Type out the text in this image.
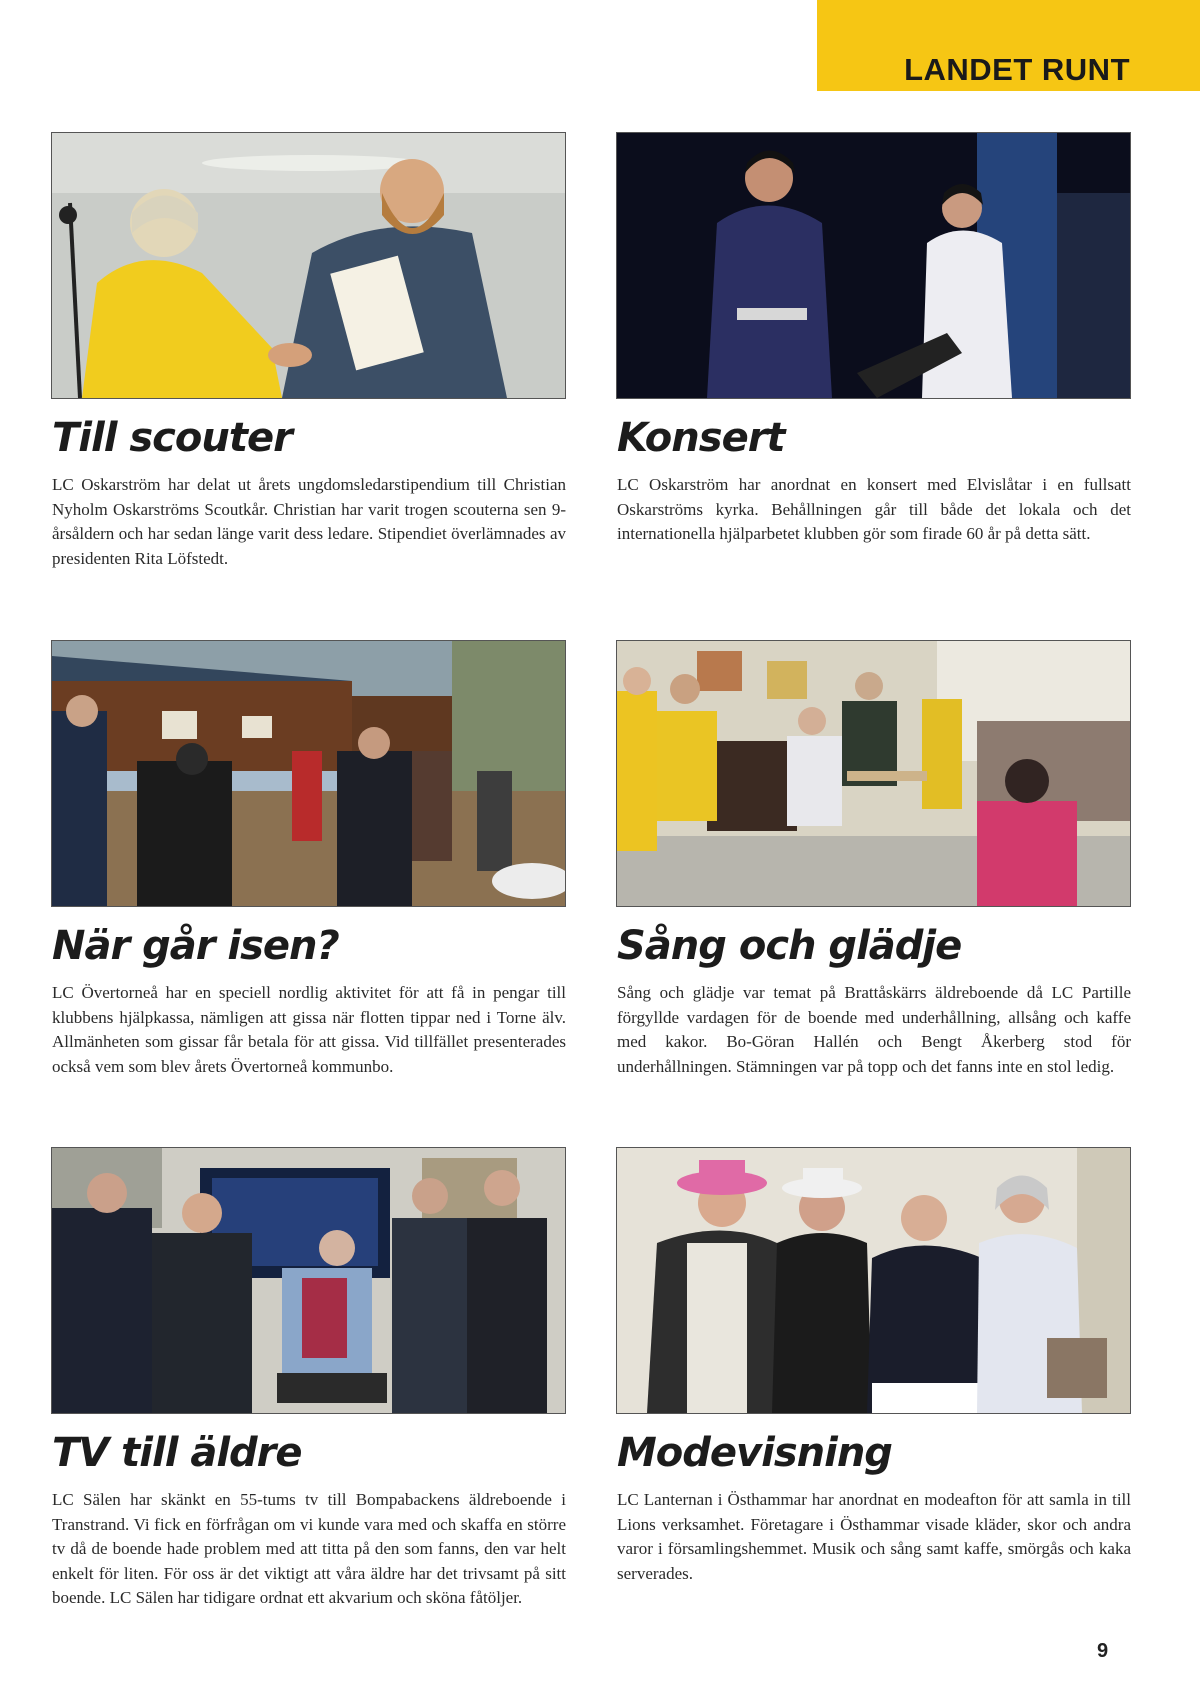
LANDET RUNT
Till scouter
LC Oskarström har delat ut årets ungdomsledarstipendium till Christian Nyholm Oskarströms Scoutkår. Christian har varit trogen scouterna sen 9-årsåldern och har sedan länge varit dess ledare. Stipendiet överlämnades av presidenten Rita Löfstedt.
Konsert
LC Oskarström har anordnat en konsert med Elvislåtar i en fullsatt Oskarströms kyrka. Behållningen går till både det lokala och det internationella hjälparbetet klubben gör som firade 60 år på detta sätt.
När går isen?
LC Övertorneå har en speciell nordlig aktivitet för att få in pengar till klubbens hjälpkassa, nämligen att gissa när flotten tippar ned i Torne älv. Allmänheten som gissar får betala för att gissa. Vid tillfället presenterades också vem som blev årets Övertorneå kommunbo.
Sång och glädje
Sång och glädje var temat på Brattåskärrs äldreboende då LC Partille förgyllde vardagen för de boende med underhållning, allsång och kaffe med kakor. Bo-Göran Hallén och Bengt Åkerberg stod för underhållningen. Stämningen var på topp och det fanns inte en stol ledig.
TV till äldre
LC Sälen har skänkt en 55-tums tv till Bompabackens äldreboende i Transtrand. Vi fick en förfrågan om vi kunde vara med och skaffa en större tv då de boende hade problem med att titta på den som fanns, den var helt enkelt för liten. För oss är det viktigt att våra äldre har det trivsamt på sitt boende. LC Sälen har tidigare ordnat ett akvarium och sköna fåtöljer.
Modevisning
LC Lanternan i Östhammar har anordnat en modeafton för att samla in till Lions verksamhet. Företagare i Östhammar visade kläder, skor och andra varor i församlingshemmet. Musik och sång samt kaffe, smörgås och kaka serverades.
9
